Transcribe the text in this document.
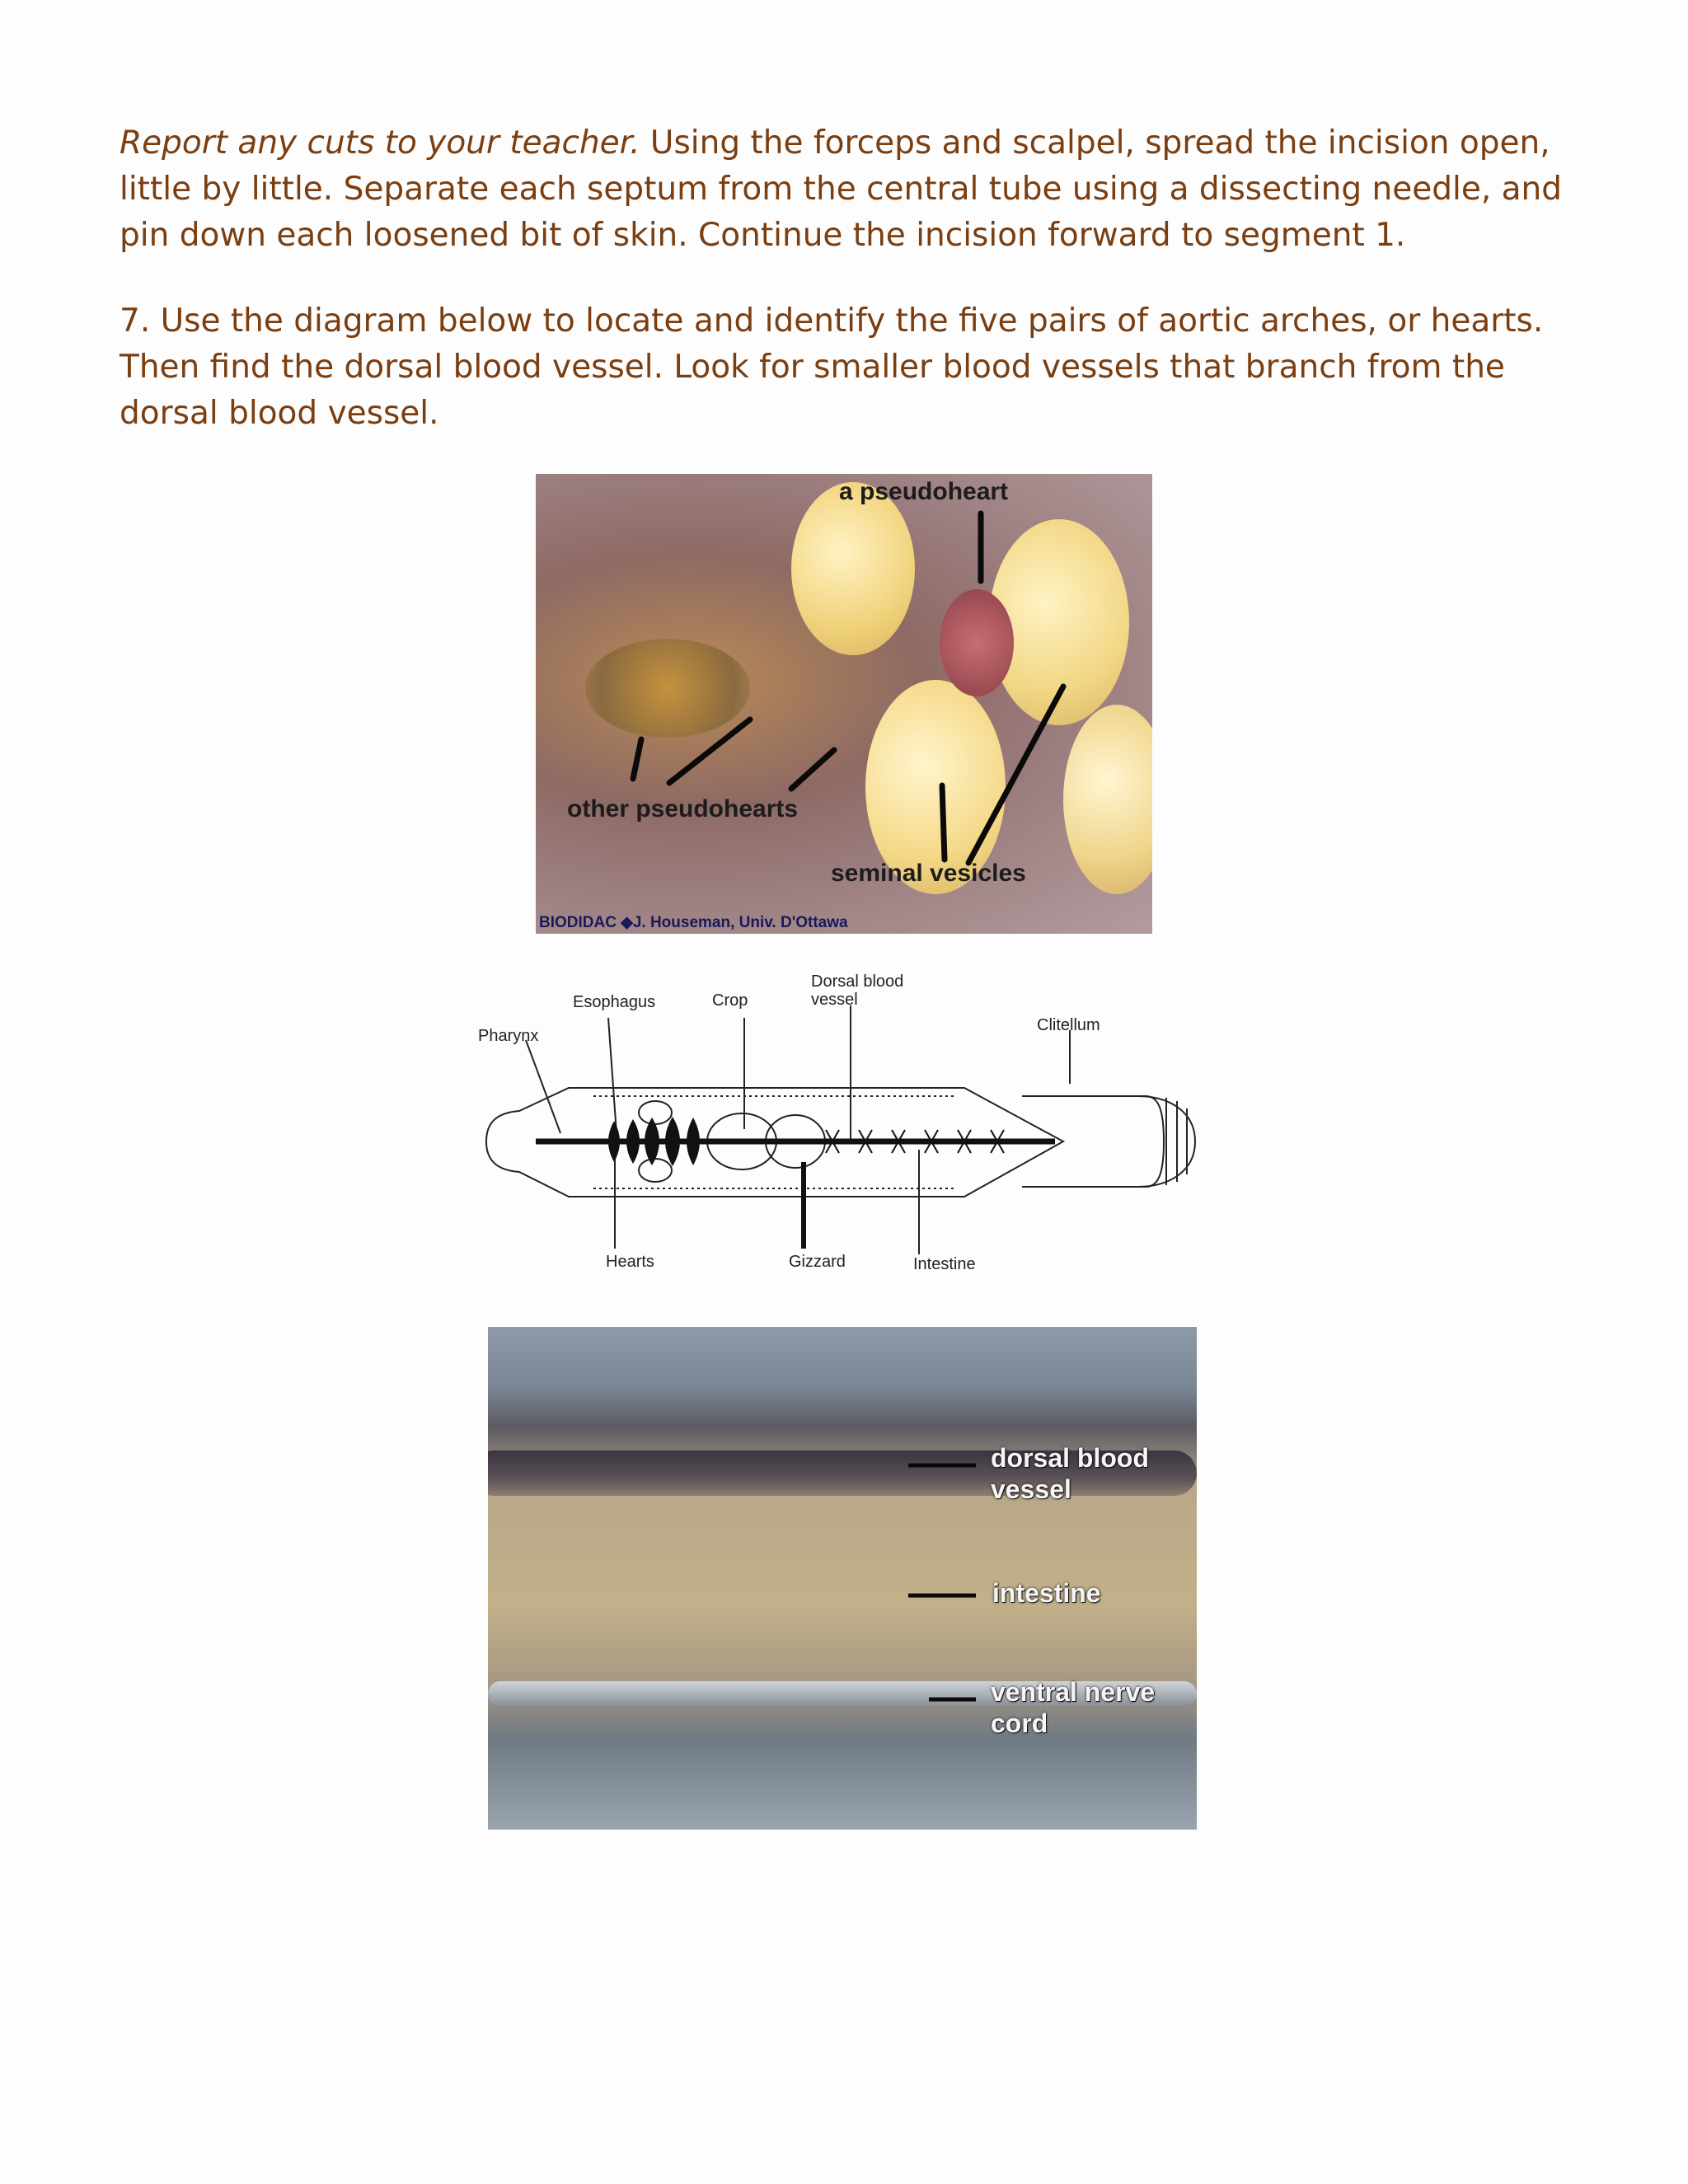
Report any cuts to your teacher. Using the forceps and scalpel, spread the incision open, little by little. Separate each septum from the central tube using a dissecting needle, and pin down each loosened bit of skin. Continue the incision forward to segment 1.

7. Use the diagram below to locate and identify the five pairs of aortic arches, or hearts. Then find the dorsal blood vessel. Look for smaller blood vessels that branch from the dorsal blood vessel.

a pseudoheart
other pseudohearts
seminal vesicles
BIODIDAC ◆J. Houseman, Univ. D'Ottawa
Pharynx
Esophagus	Crop
Dorsal blood
vessel
Clitellum
Hearts	Gizzard	Intestine
dorsal blood
vessel
intestine
ventral nerve
cord
